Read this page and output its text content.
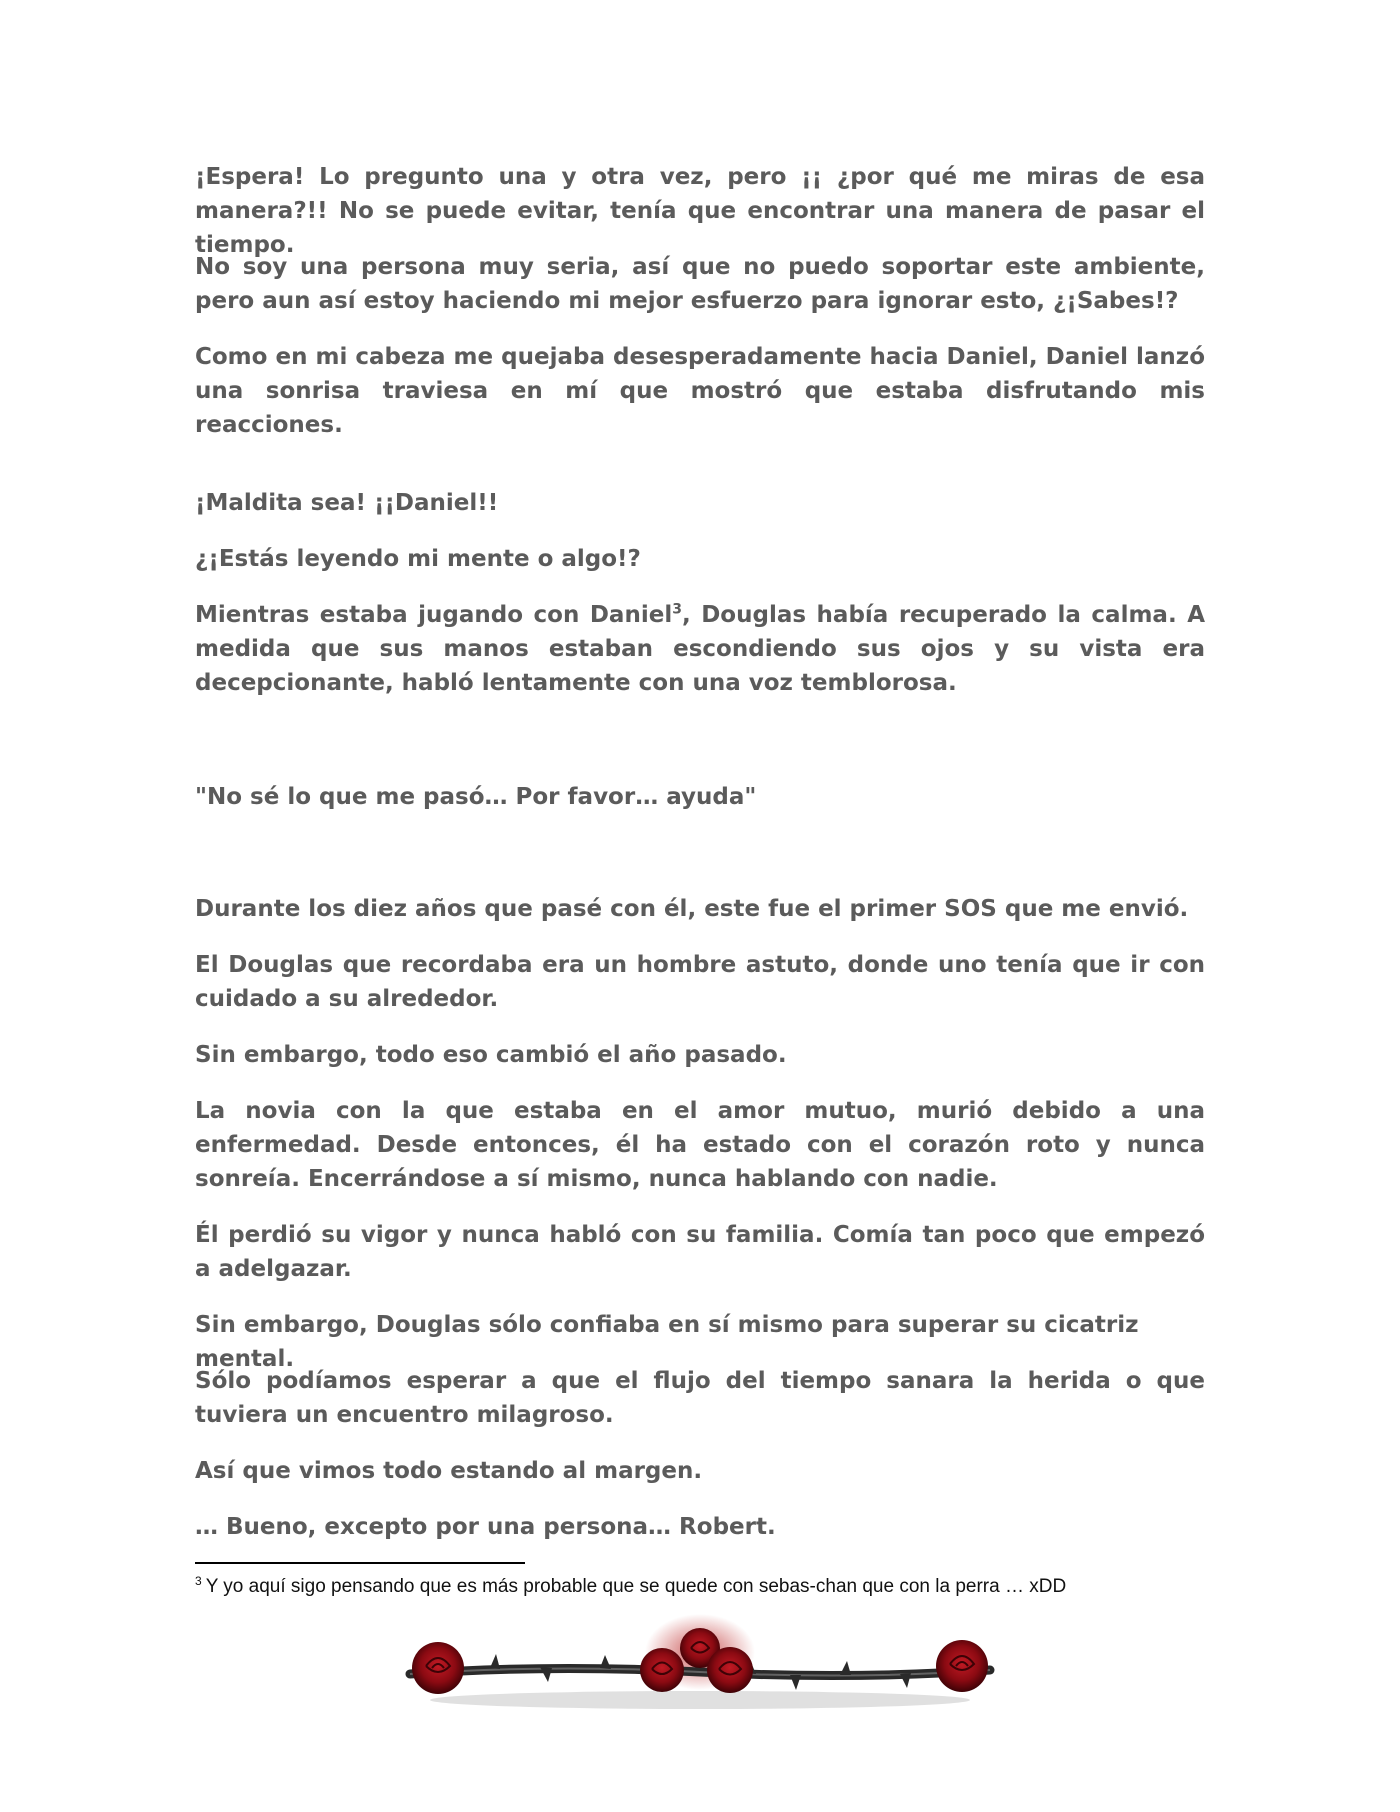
¡Espera! Lo pregunto una y otra vez, pero ¡¡ ¿por qué me miras de esa manera?!! No se puede evitar, tenía que encontrar una manera de pasar el tiempo.

No soy una persona muy seria, así que no puedo soportar este ambiente, pero aun así estoy haciendo mi mejor esfuerzo para ignorar esto, ¿¡Sabes!?

Como en mi cabeza me quejaba desesperadamente hacia Daniel, Daniel lanzó una sonrisa traviesa en mí que mostró que estaba disfrutando mis reacciones.

¡Maldita sea! ¡¡Daniel!!

¿¡Estás leyendo mi mente o algo!?

Mientras estaba jugando con Daniel$^3$, Douglas había recuperado la calma. A medida que sus manos estaban escondiendo sus ojos y su vista era decepcionante, habló lentamente con una voz temblorosa.

"No sé lo que me pasó… Por favor… ayuda"

Durante los diez años que pasé con él, este fue el primer SOS que me envió.

El Douglas que recordaba era un hombre astuto, donde uno tenía que ir con cuidado a su alrededor.

Sin embargo, todo eso cambió el año pasado.

La novia con la que estaba en el amor mutuo, murió debido a una enfermedad. Desde entonces, él ha estado con el corazón roto y nunca sonreía. Encerrándose a sí mismo, nunca hablando con nadie.

Él perdió su vigor y nunca habló con su familia. Comía tan poco que empezó a adelgazar.

Sin embargo, Douglas sólo confiaba en sí mismo para superar su cicatriz mental.

Sólo podíamos esperar a que el flujo del tiempo sanara la herida o que tuviera un encuentro milagroso.

Así que vimos todo estando al margen.

… Bueno, excepto por una persona… Robert.

$^3$ Y yo aquí sigo pensando que es más probable que se quede con sebas-chan que con la perra … xDD
